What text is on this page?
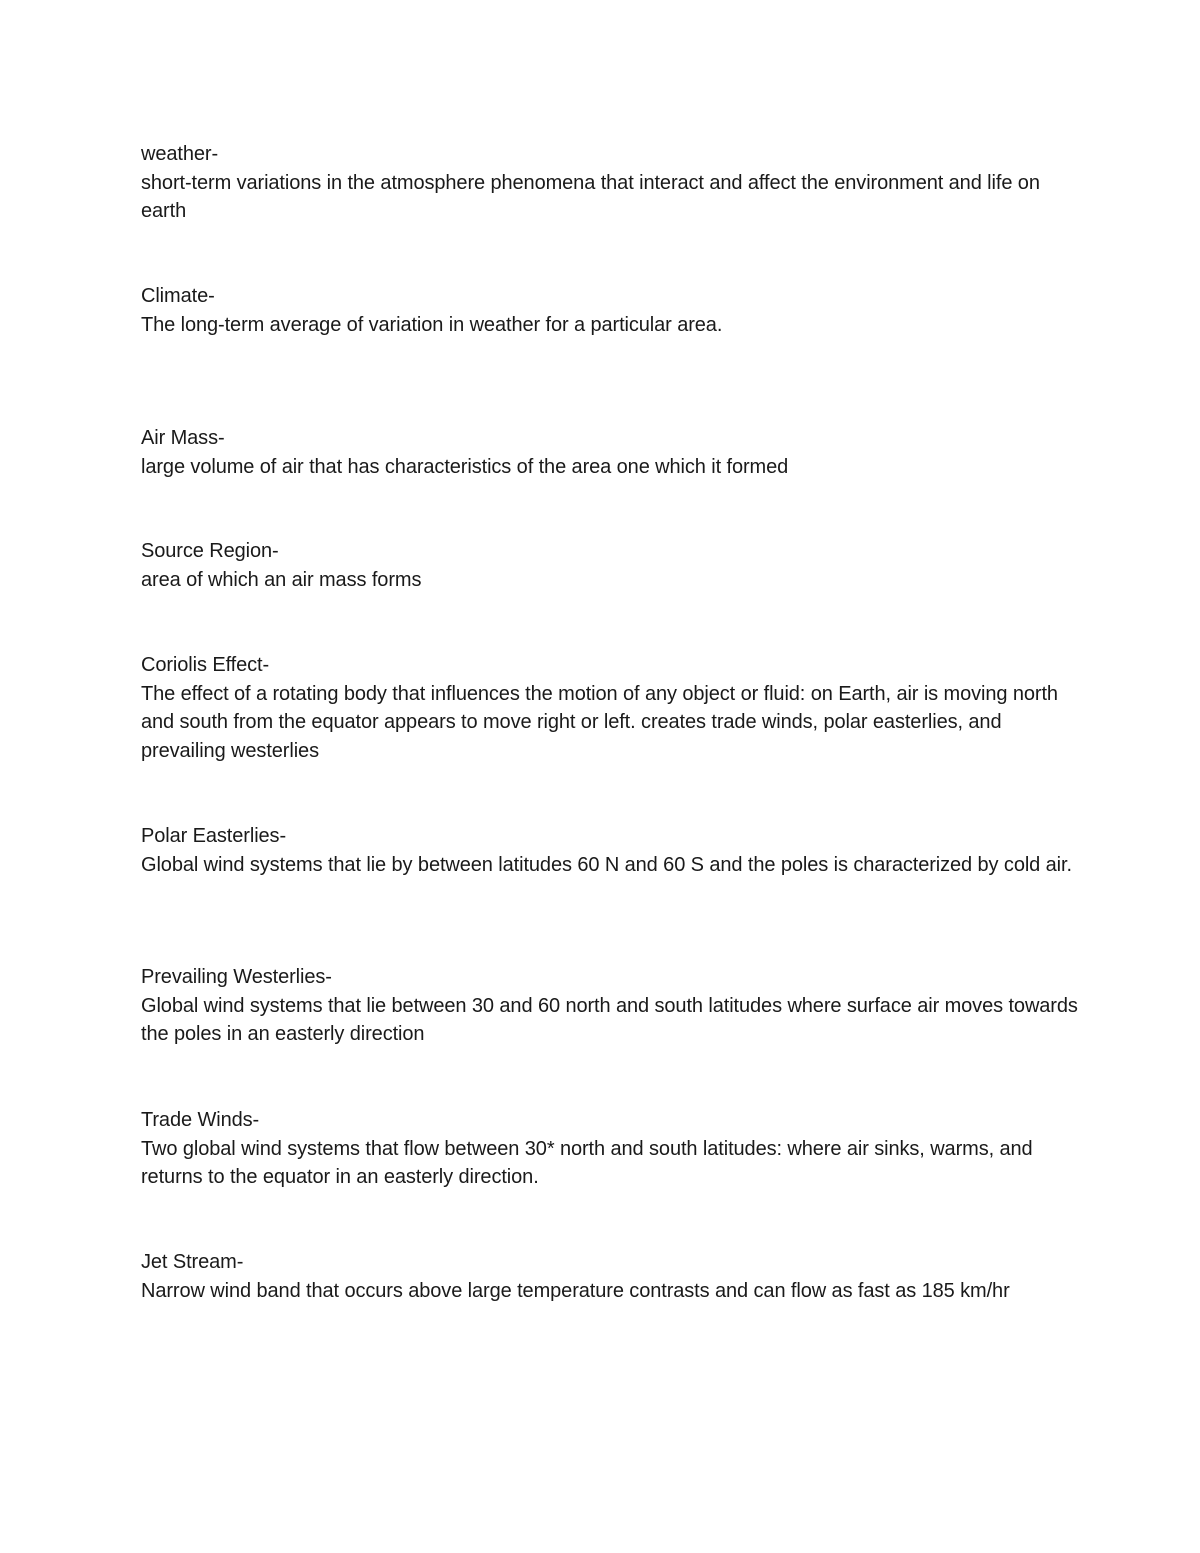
weather-
short-term variations in the atmosphere phenomena that interact and affect the environment and life on earth
Climate-
The long-term average of variation in weather for a particular area.
Air Mass-
large volume of air that has characteristics of the area one which it formed
Source Region-
area of which an air mass forms
Coriolis Effect-
The effect of a rotating body that influences the motion of any object or fluid: on Earth, air is moving north and south from the equator appears to move right or left. creates trade winds, polar easterlies, and prevailing westerlies
Polar Easterlies-
Global wind systems that lie by between latitudes 60 N and 60 S and the poles is characterized by cold air.
Prevailing Westerlies-
Global wind systems that lie between 30 and 60 north and south latitudes where surface air moves towards the poles in an easterly direction
Trade Winds-
Two global wind systems that flow between 30* north and south latitudes: where air sinks, warms, and returns to the equator in an easterly direction.
Jet Stream-
Narrow wind band that occurs above large temperature contrasts and can flow as fast as 185 km/hr
